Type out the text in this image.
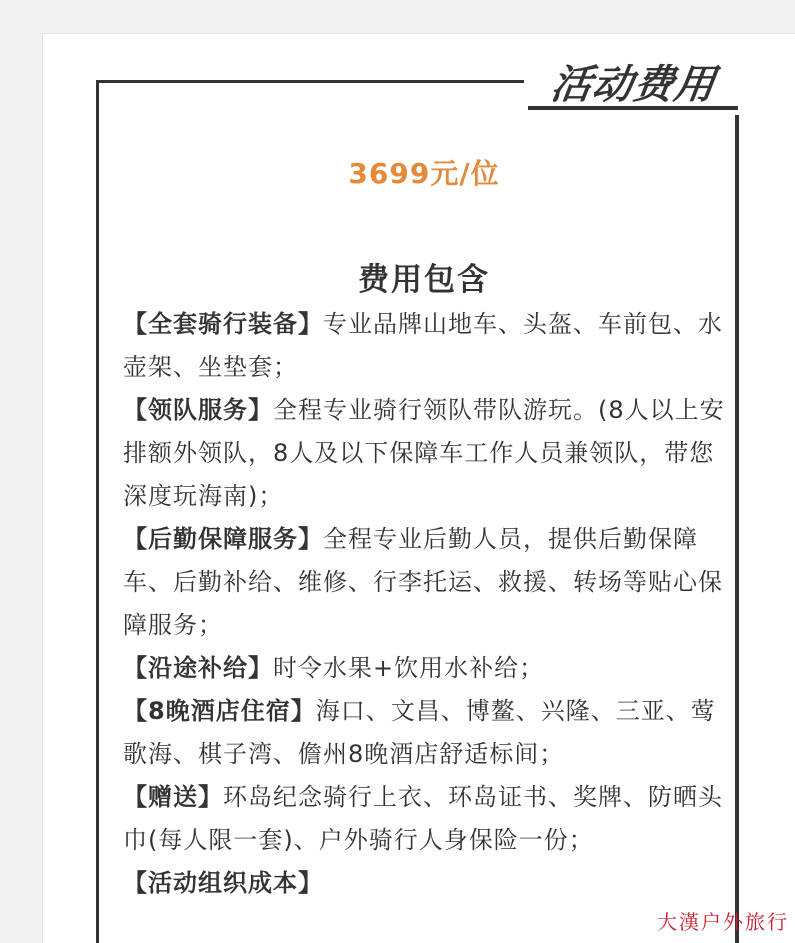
活动费用
3699元/位
费用包含

【全套骑行装备】专业品牌山地车、头盔、车前包、水壶架、坐垫套；

【领队服务】全程专业骑行领队带队游玩。(8人以上安排额外领队，8人及以下保障车工作人员兼领队，带您深度玩海南)；

【后勤保障服务】全程专业后勤人员，提供后勤保障车、后勤补给、维修、行李托运、救援、转场等贴心保障服务；

【沿途补给】时令水果+饮用水补给；

【8晚酒店住宿】海口、文昌、博鳌、兴隆、三亚、莺歌海、棋子湾、儋州8晚酒店舒适标间；

【赠送】环岛纪念骑行上衣、环岛证书、奖牌、防晒头巾(每人限一套)、户外骑行人身保险一份；

【活动组织成本】

大漢户外旅行
